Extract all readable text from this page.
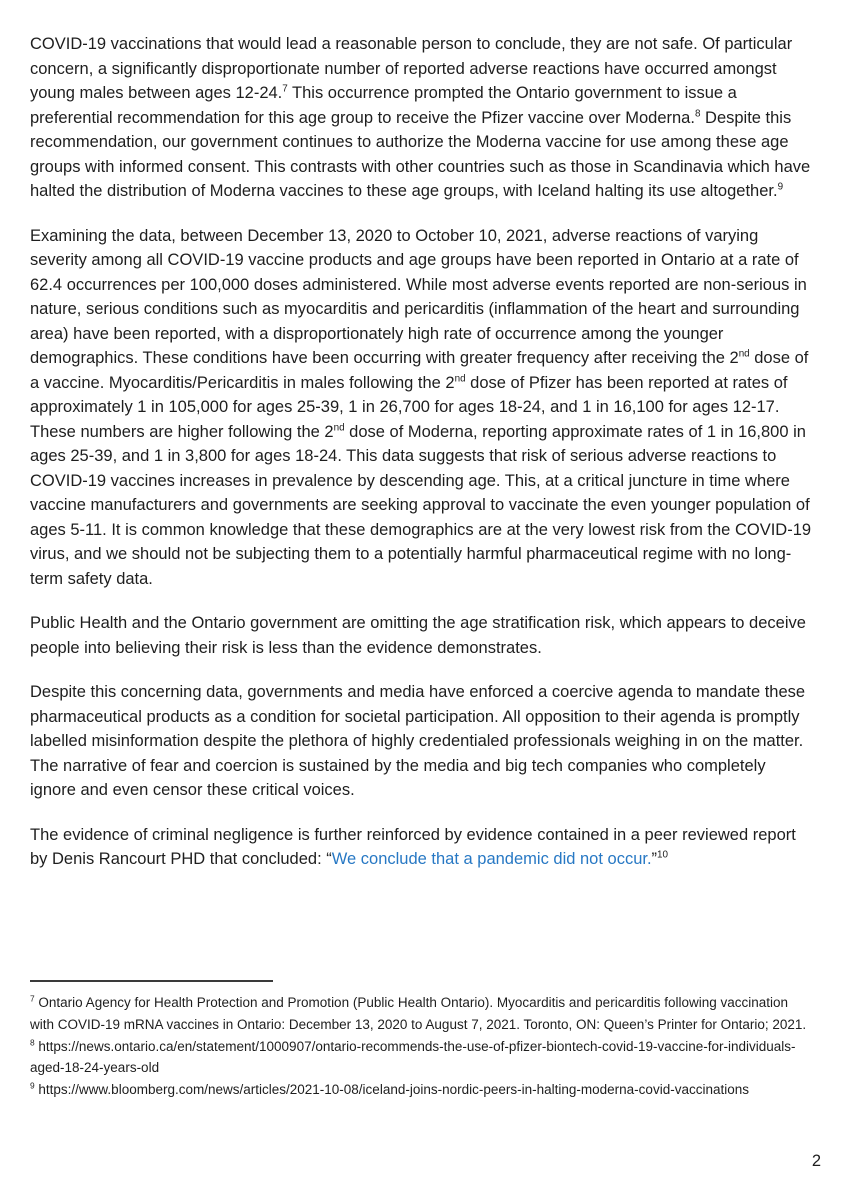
COVID-19 vaccinations that would lead a reasonable person to conclude, they are not safe. Of particular concern, a significantly disproportionate number of reported adverse reactions have occurred amongst young males between ages 12-24.$^7$ This occurrence prompted the Ontario government to issue a preferential recommendation for this age group to receive the Pfizer vaccine over Moderna.$^8$ Despite this recommendation, our government continues to authorize the Moderna vaccine for use among these age groups with informed consent. This contrasts with other countries such as those in Scandinavia which have halted the distribution of Moderna vaccines to these age groups, with Iceland halting its use altogether.$^9$

Examining the data, between December 13, 2020 to October 10, 2021, adverse reactions of varying severity among all COVID-19 vaccine products and age groups have been reported in Ontario at a rate of 62.4 occurrences per 100,000 doses administered. While most adverse events reported are non-serious in nature, serious conditions such as myocarditis and pericarditis (inflammation of the heart and surrounding area) have been reported, with a disproportionately high rate of occurrence among the younger demographics. These conditions have been occurring with greater frequency after receiving the 2nd dose of a vaccine. Myocarditis/Pericarditis in males following the 2nd dose of Pfizer has been reported at rates of approximately 1 in 105,000 for ages 25-39, 1 in 26,700 for ages 18-24, and 1 in 16,100 for ages 12-17. These numbers are higher following the 2nd dose of Moderna, reporting approximate rates of 1 in 16,800 in ages 25-39, and 1 in 3,800 for ages 18-24. This data suggests that risk of serious adverse reactions to COVID-19 vaccines increases in prevalence by descending age. This, at a critical juncture in time where vaccine manufacturers and governments are seeking approval to vaccinate the even younger population of ages 5-11. It is common knowledge that these demographics are at the very lowest risk from the COVID-19 virus, and we should not be subjecting them to a potentially harmful pharmaceutical regime with no long-term safety data.

Public Health and the Ontario government are omitting the age stratification risk, which appears to deceive people into believing their risk is less than the evidence demonstrates.

Despite this concerning data, governments and media have enforced a coercive agenda to mandate these pharmaceutical products as a condition for societal participation. All opposition to their agenda is promptly labelled misinformation despite the plethora of highly credentialed professionals weighing in on the matter. The narrative of fear and coercion is sustained by the media and big tech companies who completely ignore and even censor these critical voices.

The evidence of criminal negligence is further reinforced by evidence contained in a peer reviewed report by Denis Rancourt PHD that concluded: “We conclude that a pandemic did not occur.”$^{10}$

$^7$ Ontario Agency for Health Protection and Promotion (Public Health Ontario). Myocarditis and pericarditis following vaccination with COVID-19 mRNA vaccines in Ontario: December 13, 2020 to August 7, 2021. Toronto, ON: Queen’s Printer for Ontario; 2021.
$^8$ https://news.ontario.ca/en/statement/1000907/ontario-recommends-the-use-of-pfizer-biontech-covid-19-vaccine-for-individuals-aged-18-24-years-old
$^9$ https://www.bloomberg.com/news/articles/2021-10-08/iceland-joins-nordic-peers-in-halting-moderna-covid-vaccinations
2
